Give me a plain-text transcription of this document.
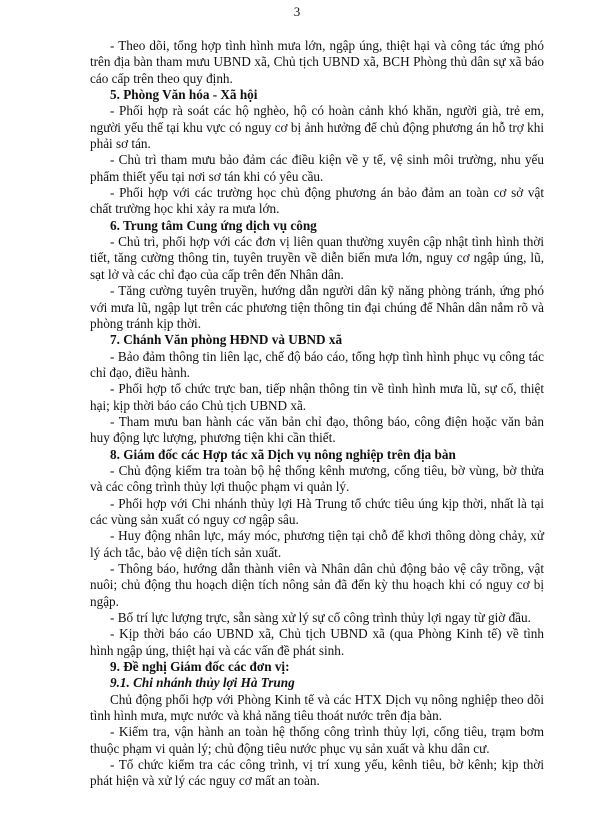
3

- Theo dõi, tổng hợp tình hình mưa lớn, ngập úng, thiệt hại và công tác ứng phó trên địa bàn tham mưu UBND xã, Chủ tịch UBND xã, BCH Phòng thủ dân sự xã báo cáo cấp trên theo quy định.

5. Phòng Văn hóa - Xã hội

- Phối hợp rà soát các hộ nghèo, hộ có hoàn cảnh khó khăn, người già, trẻ em, người yếu thế tại khu vực có nguy cơ bị ảnh hưởng để chủ động phương án hỗ trợ khi phải sơ tán.

- Chủ trì tham mưu bảo đảm các điều kiện về y tế, vệ sinh môi trường, nhu yếu phẩm thiết yếu tại nơi sơ tán khi có yêu cầu.

- Phối hợp với các trường học chủ động phương án bảo đảm an toàn cơ sở vật chất trường học khi xảy ra mưa lớn.

6. Trung tâm Cung ứng dịch vụ công

- Chủ trì, phối hợp với các đơn vị liên quan thường xuyên cập nhật tình hình thời tiết, tăng cường thông tin, tuyên truyền về diễn biến mưa lớn, nguy cơ ngập úng, lũ, sạt lở và các chỉ đạo của cấp trên đến Nhân dân.

- Tăng cường tuyên truyền, hướng dẫn người dân kỹ năng phòng tránh, ứng phó với mưa lũ, ngập lụt trên các phương tiện thông tin đại chúng để Nhân dân nắm rõ và phòng tránh kịp thời.

7. Chánh Văn phòng HĐND và UBND xã

- Bảo đảm thông tin liên lạc, chế độ báo cáo, tổng hợp tình hình phục vụ công tác chỉ đạo, điều hành.

- Phối hợp tổ chức trực ban, tiếp nhận thông tin về tình hình mưa lũ, sự cố, thiệt hại; kịp thời báo cáo Chủ tịch UBND xã.

- Tham mưu ban hành các văn bản chỉ đạo, thông báo, công điện hoặc văn bản huy động lực lượng, phương tiện khi cần thiết.

8. Giám đốc các Hợp tác xã Dịch vụ nông nghiệp trên địa bàn

- Chủ động kiểm tra toàn bộ hệ thống kênh mương, cống tiêu, bờ vùng, bờ thửa và các công trình thủy lợi thuộc phạm vi quản lý.

- Phối hợp với Chi nhánh thủy lợi Hà Trung tổ chức tiêu úng kịp thời, nhất là tại các vùng sản xuất có nguy cơ ngập sâu.

- Huy động nhân lực, máy móc, phương tiện tại chỗ để khơi thông dòng chảy, xử lý ách tắc, bảo vệ diện tích sản xuất.

- Thông báo, hướng dẫn thành viên và Nhân dân chủ động bảo vệ cây trồng, vật nuôi; chủ động thu hoạch diện tích nông sản đã đến kỳ thu hoạch khi có nguy cơ bị ngập.

- Bố trí lực lượng trực, sẵn sàng xử lý sự cố công trình thủy lợi ngay từ giờ đầu.

- Kịp thời báo cáo UBND xã, Chủ tịch UBND xã (qua Phòng Kinh tế) về tình hình ngập úng, thiệt hại và các vấn đề phát sinh.

9. Đề nghị Giám đốc các đơn vị:

9.1. Chi nhánh thủy lợi Hà Trung

Chủ động phối hợp với Phòng Kinh tế và các HTX Dịch vụ nông nghiệp theo dõi tình hình mưa, mực nước và khả năng tiêu thoát nước trên địa bàn.

- Kiểm tra, vận hành an toàn hệ thống công trình thủy lợi, cống tiêu, trạm bơm thuộc phạm vi quản lý; chủ động tiêu nước phục vụ sản xuất và khu dân cư.

- Tổ chức kiểm tra các công trình, vị trí xung yếu, kênh tiêu, bờ kênh; kịp thời phát hiện và xử lý các nguy cơ mất an toàn.
